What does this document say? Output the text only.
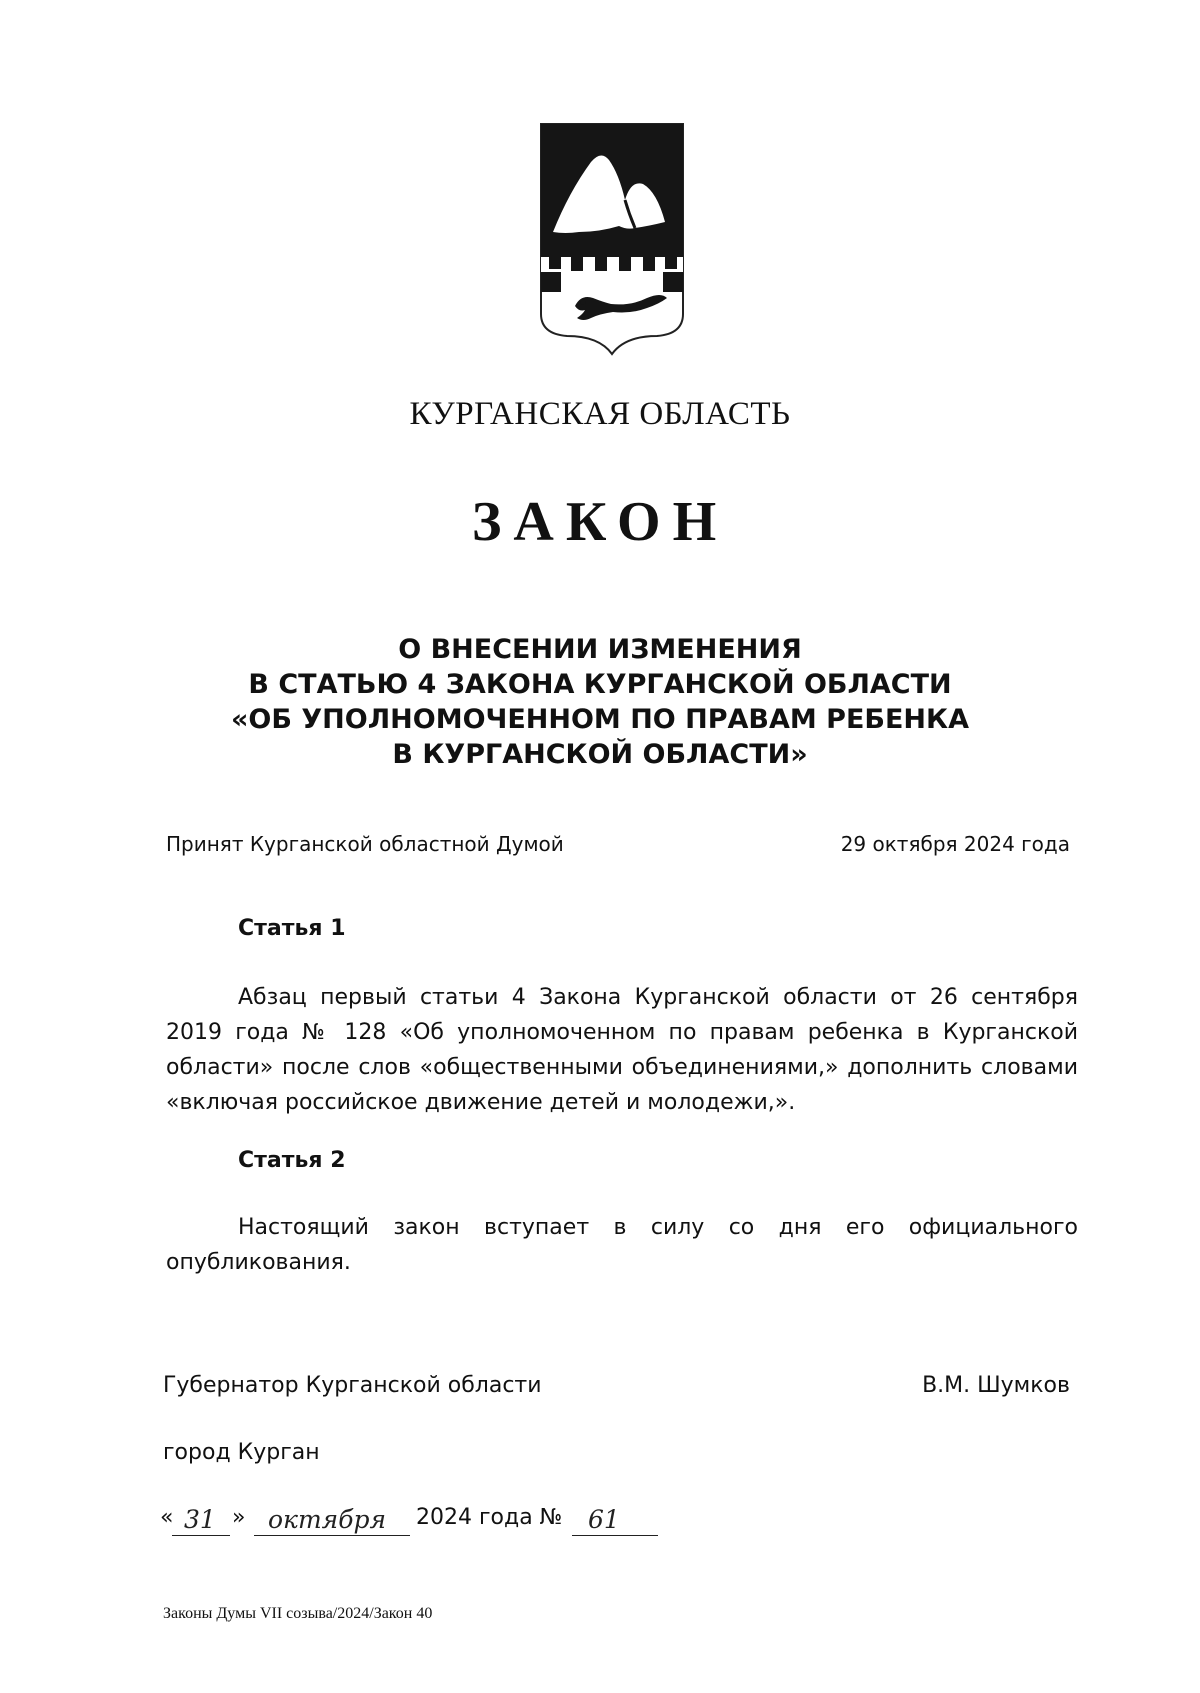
КУРГАНСКАЯ ОБЛАСТЬ
ЗАКОН
О ВНЕСЕНИИ ИЗМЕНЕНИЯ
В СТАТЬЮ 4 ЗАКОНА КУРГАНСКОЙ ОБЛАСТИ
«ОБ УПОЛНОМОЧЕННОМ ПО ПРАВАМ РЕБЕНКА
В КУРГАНСКОЙ ОБЛАСТИ»
Принят Курганской областной Думой	29 октября 2024 года
Статья 1
Абзац первый статьи 4 Закона Курганской области от 26 сентября 2019 года № 128 «Об уполномоченном по правам ребенка в Курганской области» после слов «общественными объединениями,» дополнить словами «включая российское движение детей и молодежи,».
Статья 2
Настоящий закон вступает в силу со дня его официального опубликования.
Губернатор Курганской области	В.М. Шумков
город Курган
« 31 » октября 2024 года № 61
Законы Думы VII созыва/2024/Закон 40
